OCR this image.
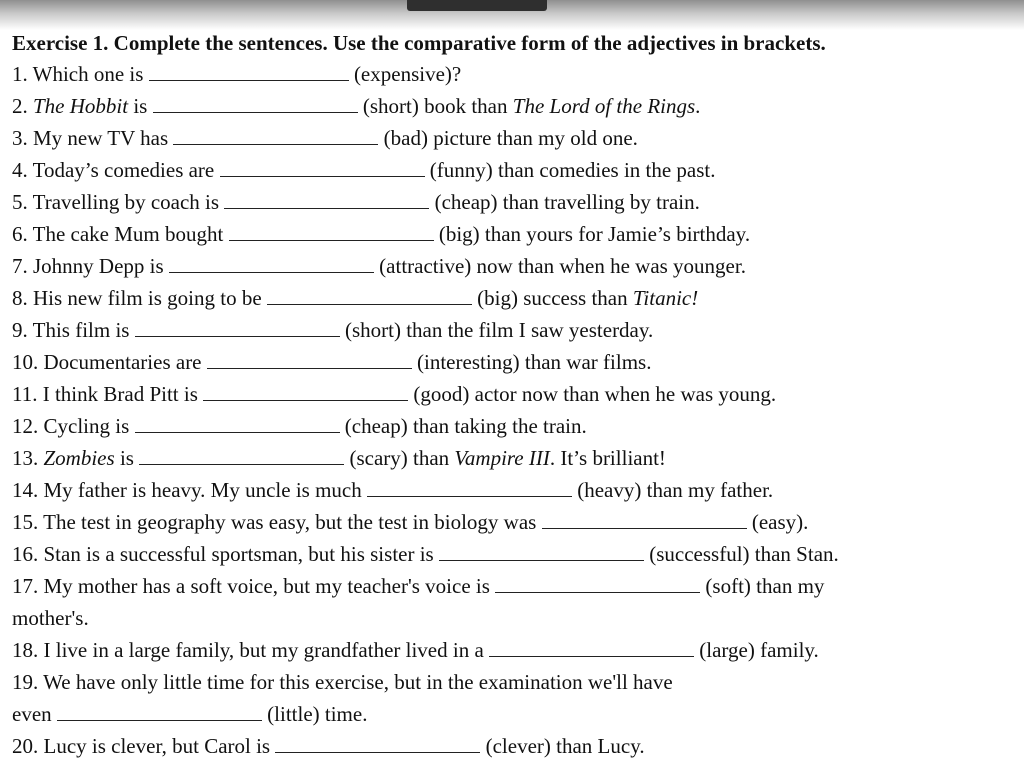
Exercise 1. Complete the sentences. Use the comparative form of the adjectives in brackets.
1. Which one is	(expensive)?
2. The Hobbit is	(short) book than The Lord of the Rings.
3. My new TV has	(bad) picture than my old one.
4. Today’s comedies are	(funny) than comedies in the past.
5. Travelling by coach is	(cheap) than travelling by train.
6. The cake Mum bought	(big) than yours for Jamie’s birthday.
7. Johnny Depp is	(attractive) now than when he was younger.
8. His new film is going to be	(big) success than Titanic!
9. This film is	(short) than the film I saw yesterday.
10. Documentaries are	(interesting) than war films.
11. I think Brad Pitt is	(good) actor now than when he was young.
12. Cycling is	(cheap) than taking the train.
13. Zombies is	(scary) than Vampire III. It’s brilliant!
14. My father is heavy. My uncle is much	(heavy) than my father.
15. The test in geography was easy, but the test in biology was	(easy).
16. Stan is a successful sportsman, but his sister is	(successful) than Stan.
17. My mother has a soft voice, but my teacher's voice is	(soft) than my
mother's.
18. I live in a large family, but my grandfather lived in a	(large) family.
19. We have only little time for this exercise, but in the examination we'll have
even	(little) time.
20. Lucy is clever, but Carol is	(clever) than Lucy.
